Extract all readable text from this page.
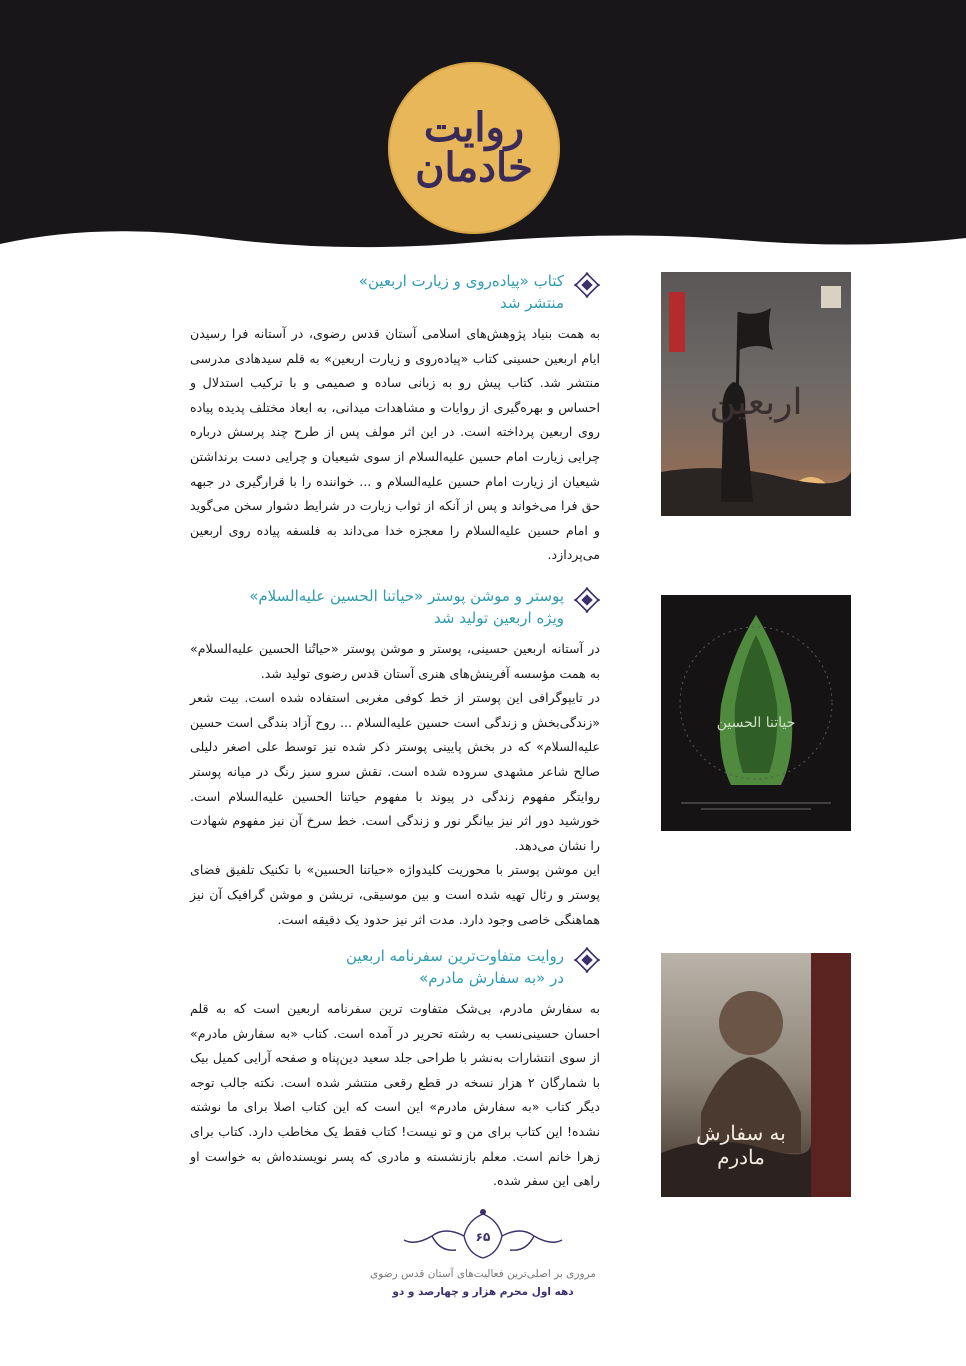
روایت خادمان
اربعین
کتاب «پیاده‌روی و زیارت اربعین»
منتشر شد

به همت بنیاد پژوهش‌های اسلامی آستان قدس رضوی، در آستانه فرا رسیدن ایام اربعین حسینی کتاب «پیاده‌روی و زیارت اربعین» به قلم سیدهادی مدرسی منتشر شد. کتاب پیش رو به زبانی ساده و صمیمی و با ترکیب استدلال و احساس و بهره‌گیری از روایات و مشاهدات میدانی، به ابعاد مختلف پدیده پیاده روی اربعین پرداخته است. در این اثر مولف پس از طرح چند پرسش درباره چرایی زیارت امام حسین علیه‌السلام از سوی شیعیان و چرایی دست برنداشتن شیعیان از زیارت امام حسین علیه‌السلام و ... خواننده را با قرارگیری در جبهه حق فرا می‌خواند و پس از آنکه از ثواب زیارت در شرایط دشوار سخن می‌گوید و امام حسین علیه‌السلام را معجزه خدا می‌داند به فلسفه پیاده روی اربعین می‌پردازد.

حیاتنا الحسین
پوستر و موشن پوستر «حیاتنا الحسین علیه‌السلام»
ویژه اربعین تولید شد

در آستانه اربعین حسینی، پوستر و موشن پوستر «حیاتُنا الحسین علیه‌السلام» به همت مؤسسه آفرینش‌های هنری آستان قدس رضوی تولید شد.

در تایپوگرافی این پوستر از خط کوفی مغربی استفاده شده است. بیت شعر «زندگی‌بخش و زندگی است حسین علیه‌السلام ... روح آزاد بندگی است حسین علیه‌السلام» که در بخش پایینی پوستر ذکر شده نیز توسط علی اصغر دلیلی صالح شاعر مشهدی سروده شده است. نقش سرو سبز رنگ در میانه پوستر روایتگر مفهوم زندگی در پیوند با مفهوم حیاتنا الحسین علیه‌السلام است. خورشید دور اثر نیز بیانگر نور و زندگی است. خط سرخ آن نیز مفهوم شهادت را نشان می‌دهد.

این موشن پوستر با محوریت کلیدواژه «حیاتنا الحسین» با تکنیک تلفیق فضای پوستر و رئال تهیه شده است و بین موسیقی، نریشن و موشن گرافیک آن نیز هماهنگی خاصی وجود دارد. مدت اثر نیز حدود یک دقیقه است.

به سفارش مادرم
روایت متفاوت‌ترین سفرنامه اربعین
در «به سفارش مادرم»

به سفارش مادرم، بی‌شک متفاوت ترین سفرنامه اربعین است که به قلم احسان حسینی‌نسب به رشته تحریر در آمده است. کتاب «به سفارش مادرم» از سوی انتشارات به‌نشر با طراحی جلد سعید دین‌پناه و صفحه آرایی کمیل بیک با شمارگان ۲ هزار نسخه در قطع رقعی منتشر شده است. نکته جالب توجه دیگر کتاب «به سفارش مادرم» این است که این کتاب اصلا برای ما نوشته نشده! این کتاب برای من و تو نیست! کتاب فقط یک مخاطب دارد. کتاب برای زهرا خانم است. معلم بازنشسته و مادری که پسر نویسنده‌اش به خواست او راهی این سفر شده.

۶۵
مروری بر اصلی‌ترین فعالیت‌های آستان قدس رضوی
دهه اول محرم هزار و چهارصد و دو
